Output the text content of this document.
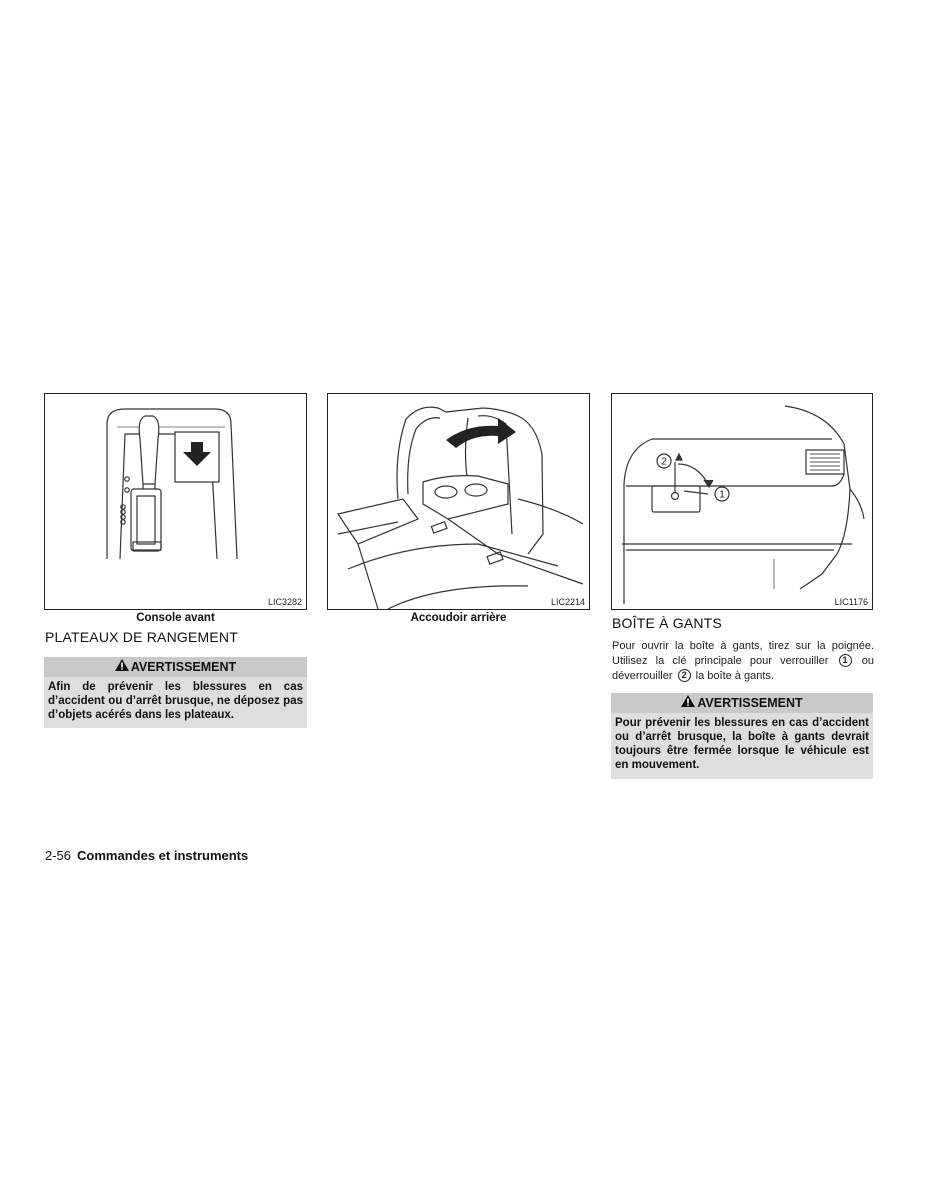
LIC3282
Console avant
LIC2214
Accoudoir arrière
2
1
LIC1176
PLATEAUX DE RANGEMENT
AVERTISSEMENT
Afin de prévenir les blessures en cas d’accident ou d’arrêt brusque, ne déposez pas d’objets acérés dans les plateaux.
BOÎTE À GANTS
Pour ouvrir la boîte à gants, tirez sur la poignée. Utilisez la clé principale pour verrouiller 1 ou déverrouiller 2 la boîte à gants.
AVERTISSEMENT
Pour prévenir les blessures en cas d’accident ou d’arrêt brusque, la boîte à gants devrait toujours être fermée lorsque le véhicule est en mouvement.
2-56 Commandes et instruments
